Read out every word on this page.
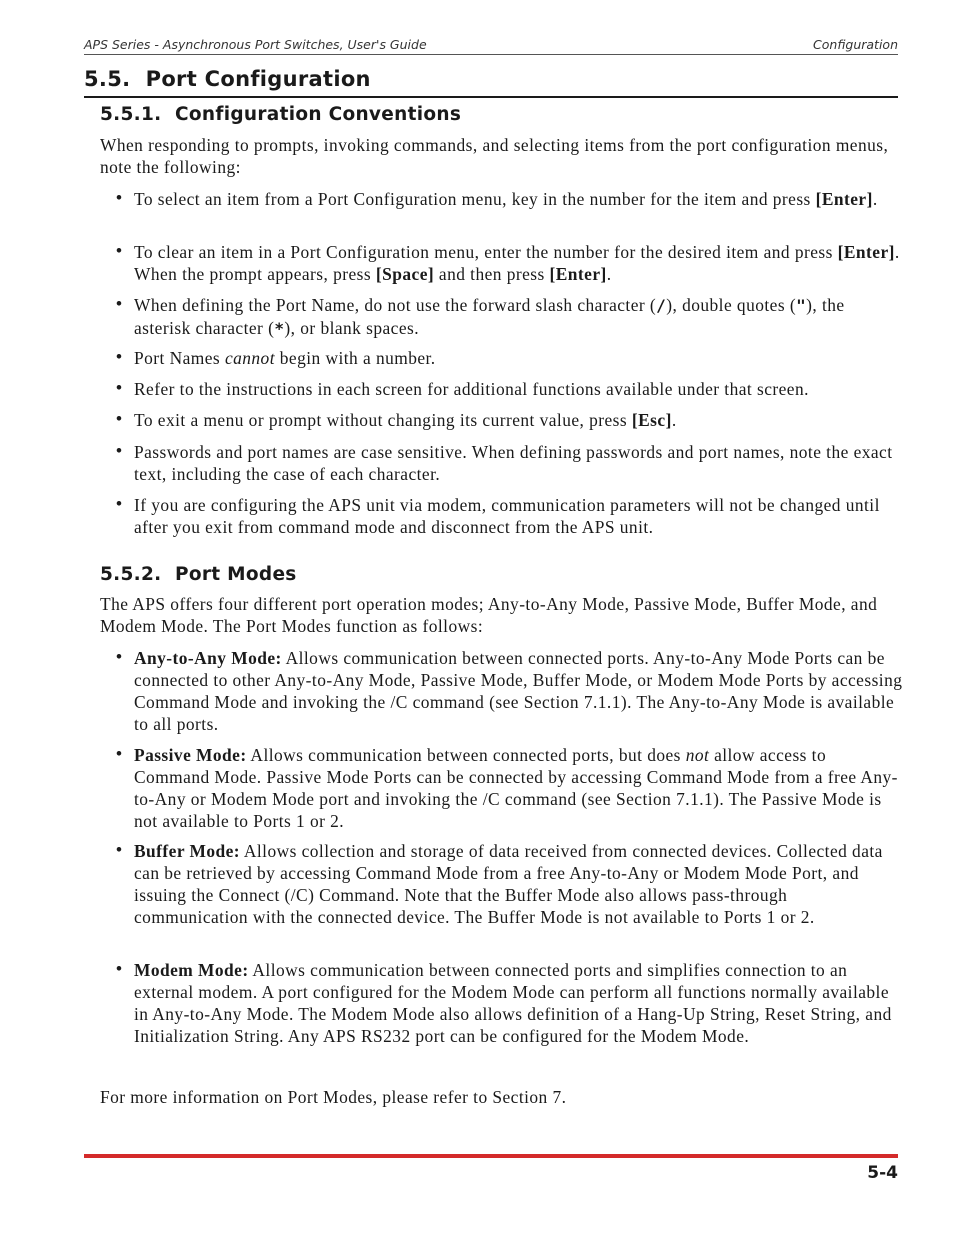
APS Series - Asynchronous Port Switches, User's Guide	Configuration
5.5. Port Configuration
5.5.1. Configuration Conventions
When responding to prompts, invoking commands, and selecting items from the port configuration menus, note the following:
• To select an item from a Port Configuration menu, key in the number for the item and press [Enter].
• To clear an item in a Port Configuration menu, enter the number for the desired item and press [Enter]. When the prompt appears, press [Space] and then press [Enter].
• When defining the Port Name, do not use the forward slash character (/), double quotes ("), the asterisk character (*), or blank spaces.
• Port Names cannot begin with a number.
• Refer to the instructions in each screen for additional functions available under that screen.
• To exit a menu or prompt without changing its current value, press [Esc].
• Passwords and port names are case sensitive. When defining passwords and port names, note the exact text, including the case of each character.
• If you are configuring the APS unit via modem, communication parameters will not be changed until after you exit from command mode and disconnect from the APS unit.
5.5.2. Port Modes
The APS offers four different port operation modes; Any-to-Any Mode, Passive Mode, Buffer Mode, and Modem Mode. The Port Modes function as follows:
• Any-to-Any Mode: Allows communication between connected ports. Any-to-Any Mode Ports can be connected to other Any-to-Any Mode, Passive Mode, Buffer Mode, or Modem Mode Ports by accessing Command Mode and invoking the /C command (see Section 7.1.1). The Any-to-Any Mode is available to all ports.
• Passive Mode: Allows communication between connected ports, but does not allow access to Command Mode. Passive Mode Ports can be connected by accessing Command Mode from a free Any-to-Any or Modem Mode port and invoking the /C command (see Section 7.1.1). The Passive Mode is not available to Ports 1 or 2.
• Buffer Mode: Allows collection and storage of data received from connected devices. Collected data can be retrieved by accessing Command Mode from a free Any-to-Any or Modem Mode Port, and issuing the Connect (/C) Command. Note that the Buffer Mode also allows pass-through communication with the connected device. The Buffer Mode is not available to Ports 1 or 2.
• Modem Mode: Allows communication between connected ports and simplifies connection to an external modem. A port configured for the Modem Mode can perform all functions normally available in Any-to-Any Mode. The Modem Mode also allows definition of a Hang-Up String, Reset String, and Initialization String. Any APS RS232 port can be configured for the Modem Mode.
For more information on Port Modes, please refer to Section 7.
5-4
